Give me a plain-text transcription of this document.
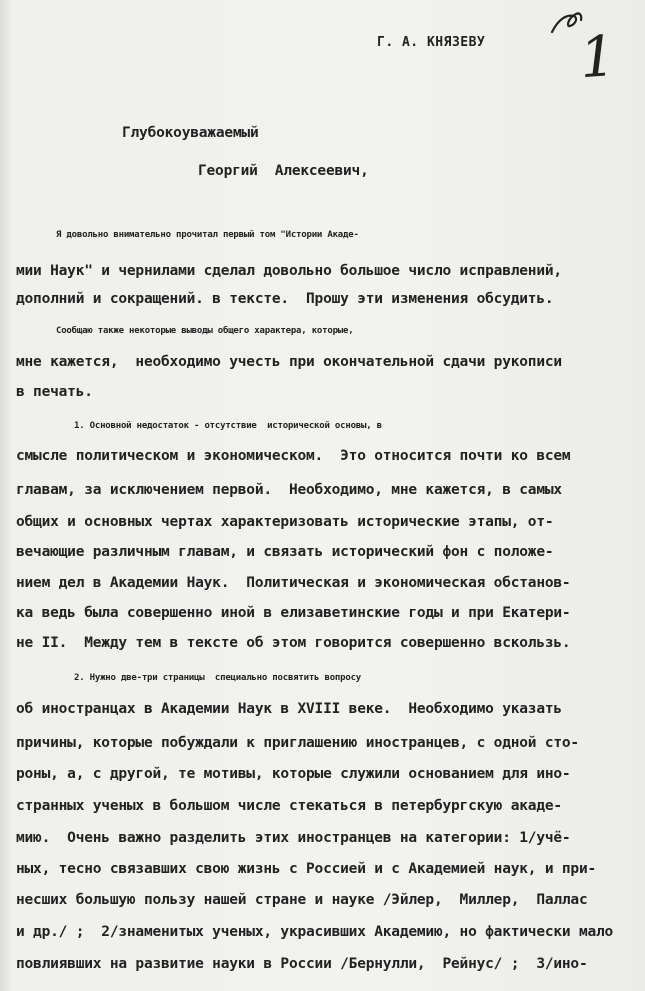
1
Г. А. КНЯЗЕВУ
Глубокоуважаемый
Георгий  Алексеевич,
Я довольно внимательно прочитал первый том "Истории Акаде-
мии Наук" и чернилами сделал довольно большое число исправлений,
дополний и сокращений. в тексте.  Прошу эти изменения обсудить.
Сообщаю также некоторые выводы общего характера, которые,
мне кажется,  необходимо учесть при окончательной сдачи рукописи
в печать.
1. Основной недостаток - отсутствие  исторической основы, в
смысле политическом и экономическом.  Это относится почти ко всем
главам, за исключением первой.  Необходимо, мне кажется, в самых
общих и основных чертах характеризовать исторические этапы, от-
вечающие различным главам, и связать исторический фон с положе-
нием дел в Академии Наук.  Политическая и экономическая обстанов-
ка ведь была совершенно иной в елизаветинские годы и при Екатери-
не II.  Между тем в тексте об этом говорится совершенно вскользь.
2. Нужно две-три страницы  специально посвятить вопросу
об иностранцах в Академии Наук в XVIII веке.  Необходимо указать
причины, которые побуждали к приглашению иностранцев, с одной сто-
роны, а, с другой, те мотивы, которые служили основанием для ино-
странных ученых в большом числе стекаться в петербургскую акаде-
мию.  Очень важно разделить этих иностранцев на категории: 1/учё-
ных, тесно связавших свою жизнь с Россией и с Академией наук, и при-
несших большую пользу нашей стране и науке /Эйлер,  Миллер,  Паллас
и др./ ;  2/знаменитых ученых, украсивших Академию, но фактически мало
повлиявших на развитие науки в России /Бернулли,  Рейнус/ ;  3/ино-
